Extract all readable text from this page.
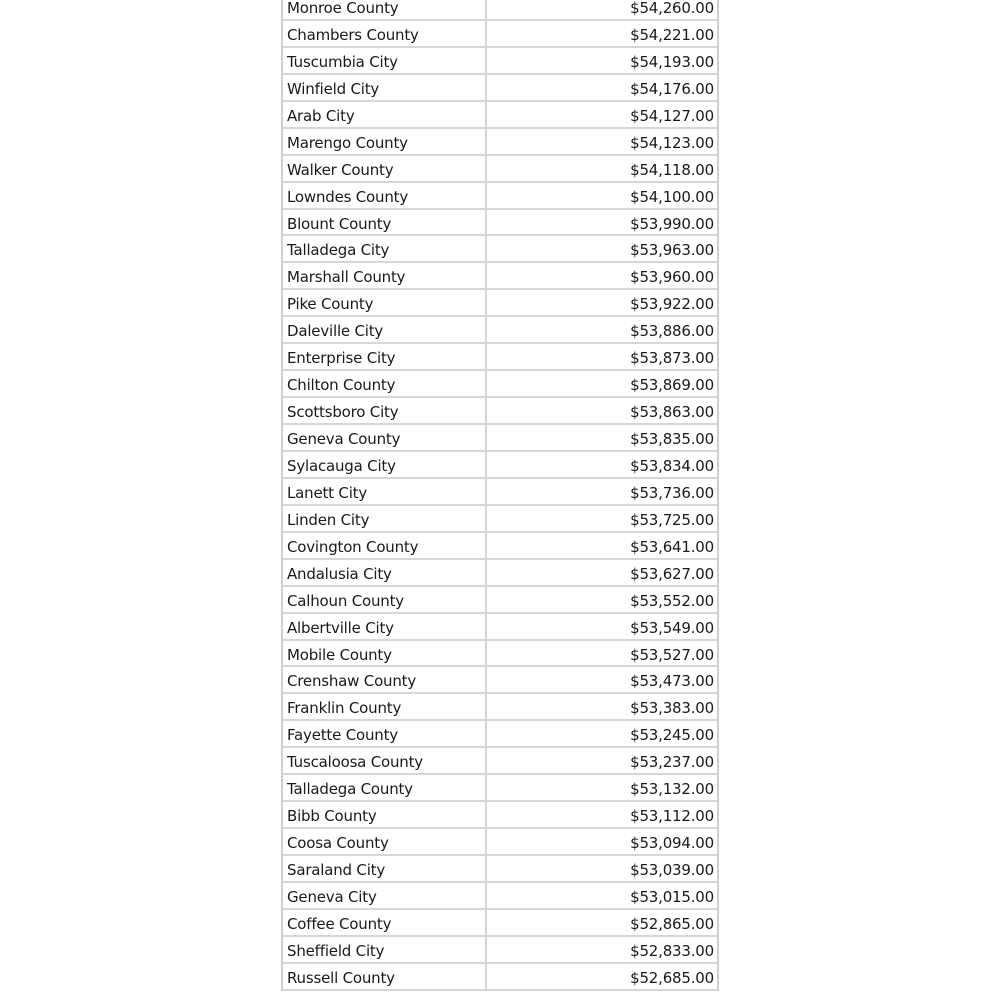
Monroe County	$54,260.00
Chambers County	$54,221.00
Tuscumbia City	$54,193.00
Winfield City	$54,176.00
Arab City	$54,127.00
Marengo County	$54,123.00
Walker County	$54,118.00
Lowndes County	$54,100.00
Blount County	$53,990.00
Talladega City	$53,963.00
Marshall County	$53,960.00
Pike County	$53,922.00
Daleville City	$53,886.00
Enterprise City	$53,873.00
Chilton County	$53,869.00
Scottsboro City	$53,863.00
Geneva County	$53,835.00
Sylacauga City	$53,834.00
Lanett City	$53,736.00
Linden City	$53,725.00
Covington County	$53,641.00
Andalusia City	$53,627.00
Calhoun County	$53,552.00
Albertville City	$53,549.00
Mobile County	$53,527.00
Crenshaw County	$53,473.00
Franklin County	$53,383.00
Fayette County	$53,245.00
Tuscaloosa County	$53,237.00
Talladega County	$53,132.00
Bibb County	$53,112.00
Coosa County	$53,094.00
Saraland City	$53,039.00
Geneva City	$53,015.00
Coffee County	$52,865.00
Sheffield City	$52,833.00
Russell County	$52,685.00
